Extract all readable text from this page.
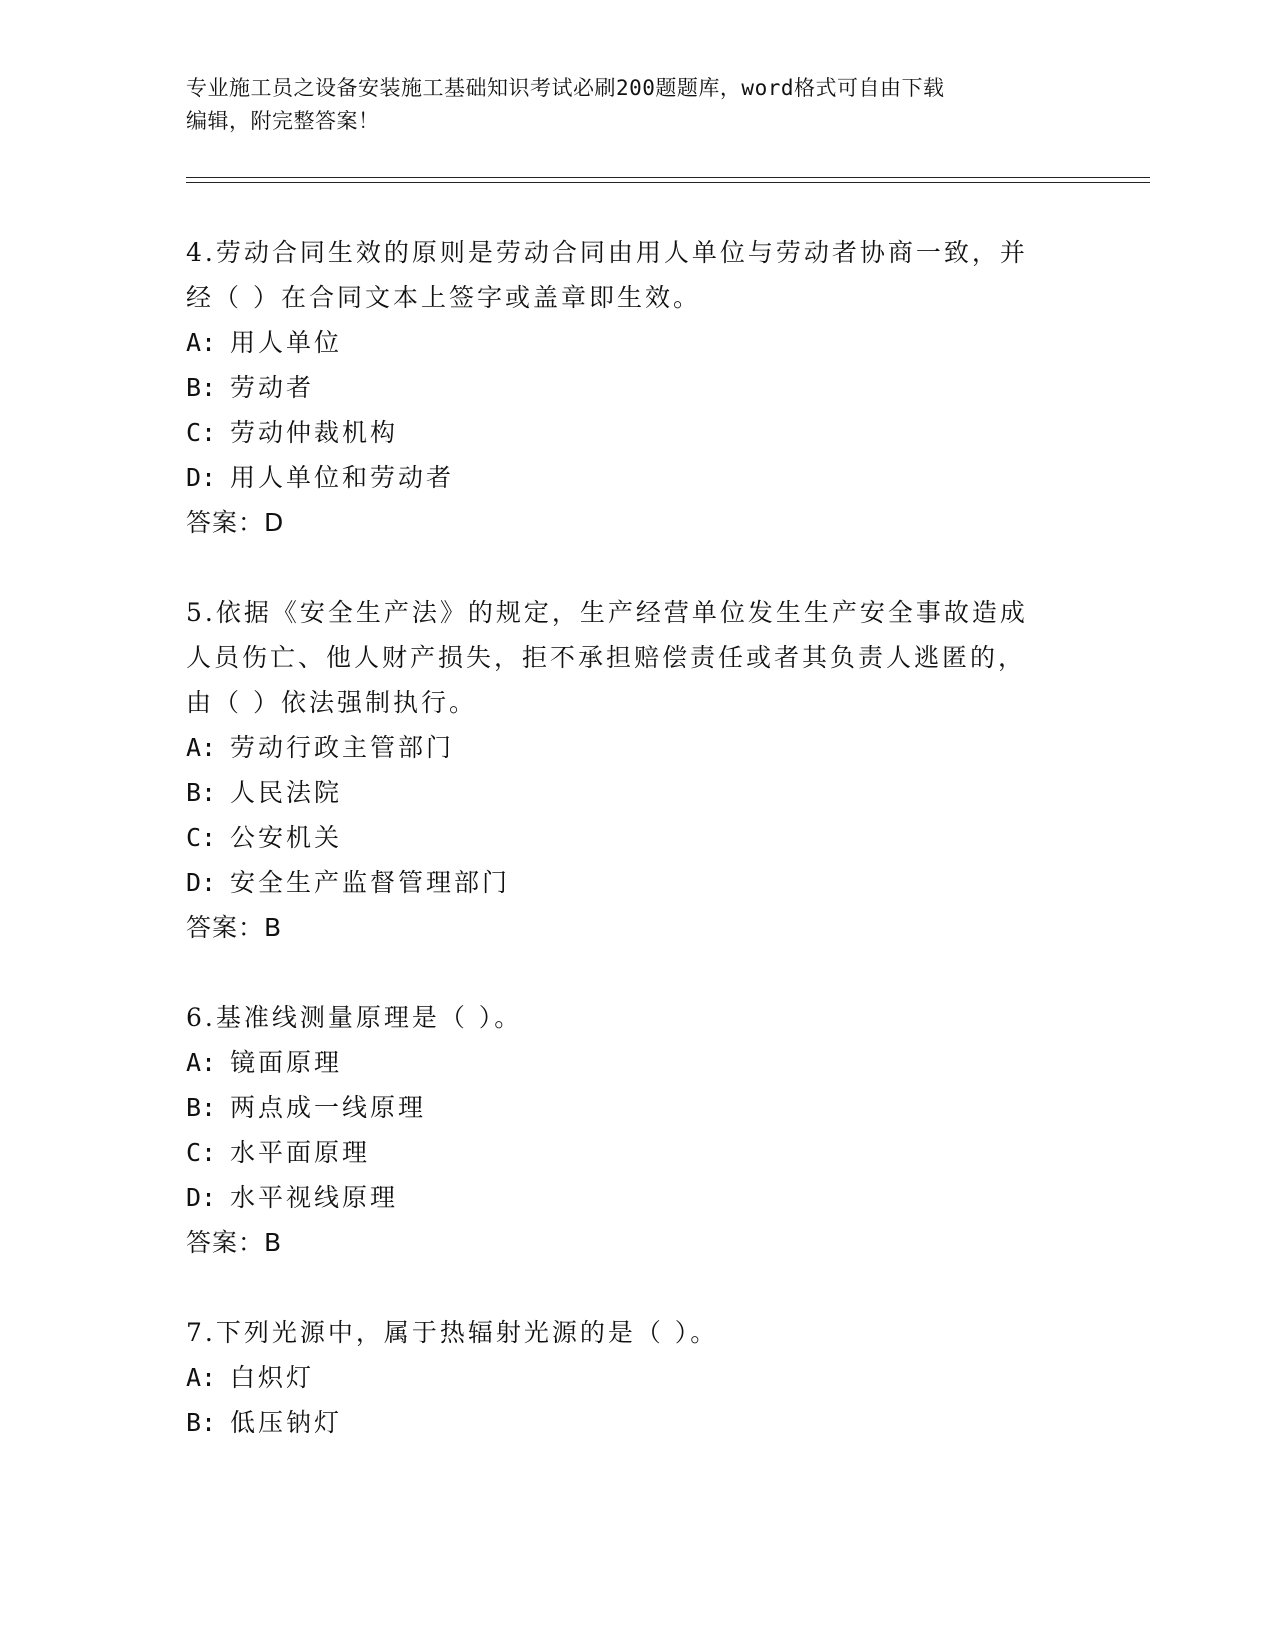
专业施工员之设备安装施工基础知识考试必刷200题题库，word格式可自由下载
编辑，附完整答案！
4.劳动合同生效的原则是劳动合同由用人单位与劳动者协商一致，并
经（ ）在合同文本上签字或盖章即生效。
A: 用人单位
B: 劳动者
C: 劳动仲裁机构
D: 用人单位和劳动者
答案：D
5.依据《安全生产法》的规定，生产经营单位发生生产安全事故造成
人员伤亡、他人财产损失，拒不承担赔偿责任或者其负责人逃匿的，
由（ ）依法强制执行。
A: 劳动行政主管部门
B: 人民法院
C: 公安机关
D: 安全生产监督管理部门
答案：B
6.基准线测量原理是（ ）。
A: 镜面原理
B: 两点成一线原理
C: 水平面原理
D: 水平视线原理
答案：B
7.下列光源中，属于热辐射光源的是（ ）。
A: 白炽灯
B: 低压钠灯
